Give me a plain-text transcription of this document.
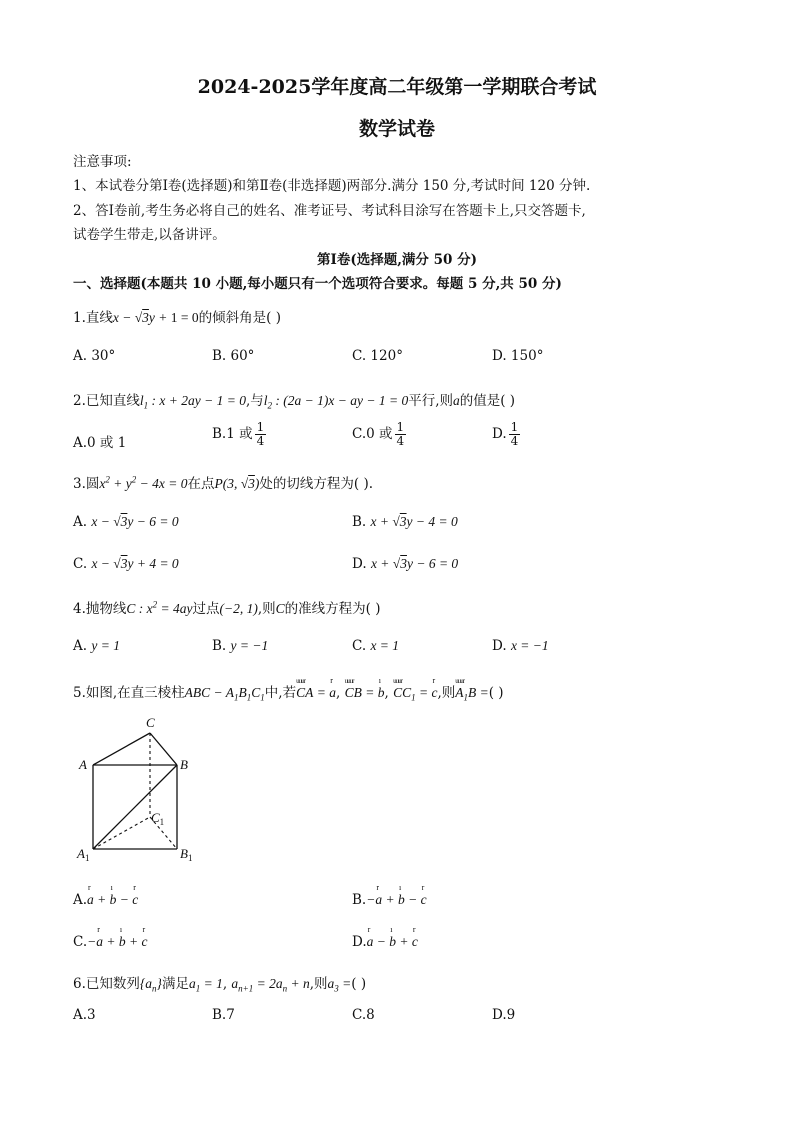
2024-2025学年度高二年级第一学期联合考试
数学试卷
注意事项:
1、本试卷分第Ⅰ卷(选择题)和第Ⅱ卷(非选择题)两部分.满分 150 分,考试时间 120 分钟.
2、答Ⅰ卷前,考生务必将自己的姓名、准考证号、考试科目涂写在答题卡上,只交答题卡,
试卷学生带走,以备讲评。
第Ⅰ卷(选择题,满分 50 分)
一、选择题(本题共 10 小题,每小题只有一个选项符合要求。每题 5 分,共 50 分)
1.直线x − √3y + 1 = 0的倾斜角是( )
A. 30°	B. 60°	C. 120°	D. 150°
2.已知直线$l_1$ : x + 2ay − 1 = 0,与$l_2$ : (2a − 1)x − ay − 1 = 0平行,则a的值是( )
A.0 或 1
B.1 或 $\frac{1}{4}$	C.0 或 $\frac{1}{4}$	D. $\frac{1}{4}$
3.圆$x^2 + y^2 - 4x = 0$在点P(3, √3)处的切线方程为( ).
A. x − √3y − 6 = 0	B. x + √3y − 4 = 0
C. x − √3y + 4 = 0	D. x + √3y − 6 = 0
4.抛物线C : $x^2 = 4ay$过点(−2, 1),则C的准线方程为( )
A. y = 1	B. y = −1	C. x = 1	D. x = −1
5.如图,在直三棱柱ABC − $A_1B_1C_1$中,若uuur CA = r a, uuur CB = ı b, uuur $CC_1 = r$ c,则uuur $A_1B$ =( )
C
A	B
$C_1$
$A_1$	$B_1$
A.r a + ı b − r c	B.−r a + ı b − r c
C.−r a + ı b + r c	D.r a − ı b + r c
6.已知数列$\{a_n\}$满足$a_1 = 1$, $a_{n+1} = 2a_n + n$,则$a_3$ =( )
A.3	B.7	C.8	D.9
